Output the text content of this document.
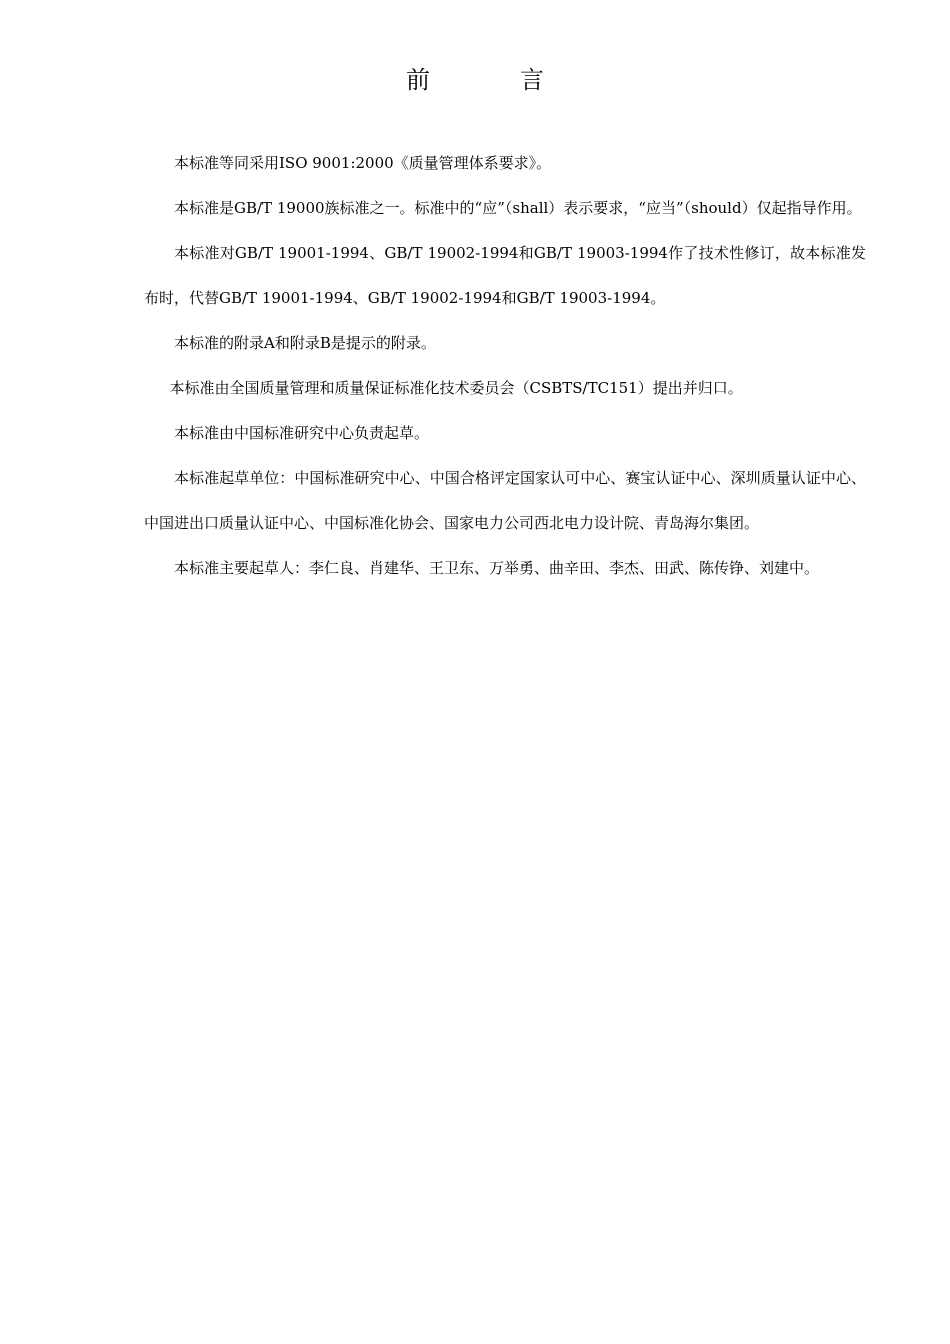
前	言

本标准等同采用ISO 9001:2000《质量管理体系要求》。

本标准是GB/T 19000族标准之一。标准中的“应”（shall）表示要求，“应当”（should）仅起指导作用。

本标准对GB/T 19001-1994、GB/T 19002-1994和GB/T 19003-1994作了技术性修订，故本标准发布时，代替GB/T 19001-1994、GB/T 19002-1994和GB/T 19003-1994。

本标准的附录A和附录B是提示的附录。

本标准由全国质量管理和质量保证标准化技术委员会（CSBTS/TC151）提出并归口。

本标准由中国标准研究中心负责起草。

本标准起草单位：中国标准研究中心、中国合格评定国家认可中心、赛宝认证中心、深圳质量认证中心、中国进出口质量认证中心、中国标准化协会、国家电力公司西北电力设计院、青岛海尔集团。

本标准主要起草人：李仁良、肖建华、王卫东、万举勇、曲辛田、李杰、田武、陈传铮、刘建中。
